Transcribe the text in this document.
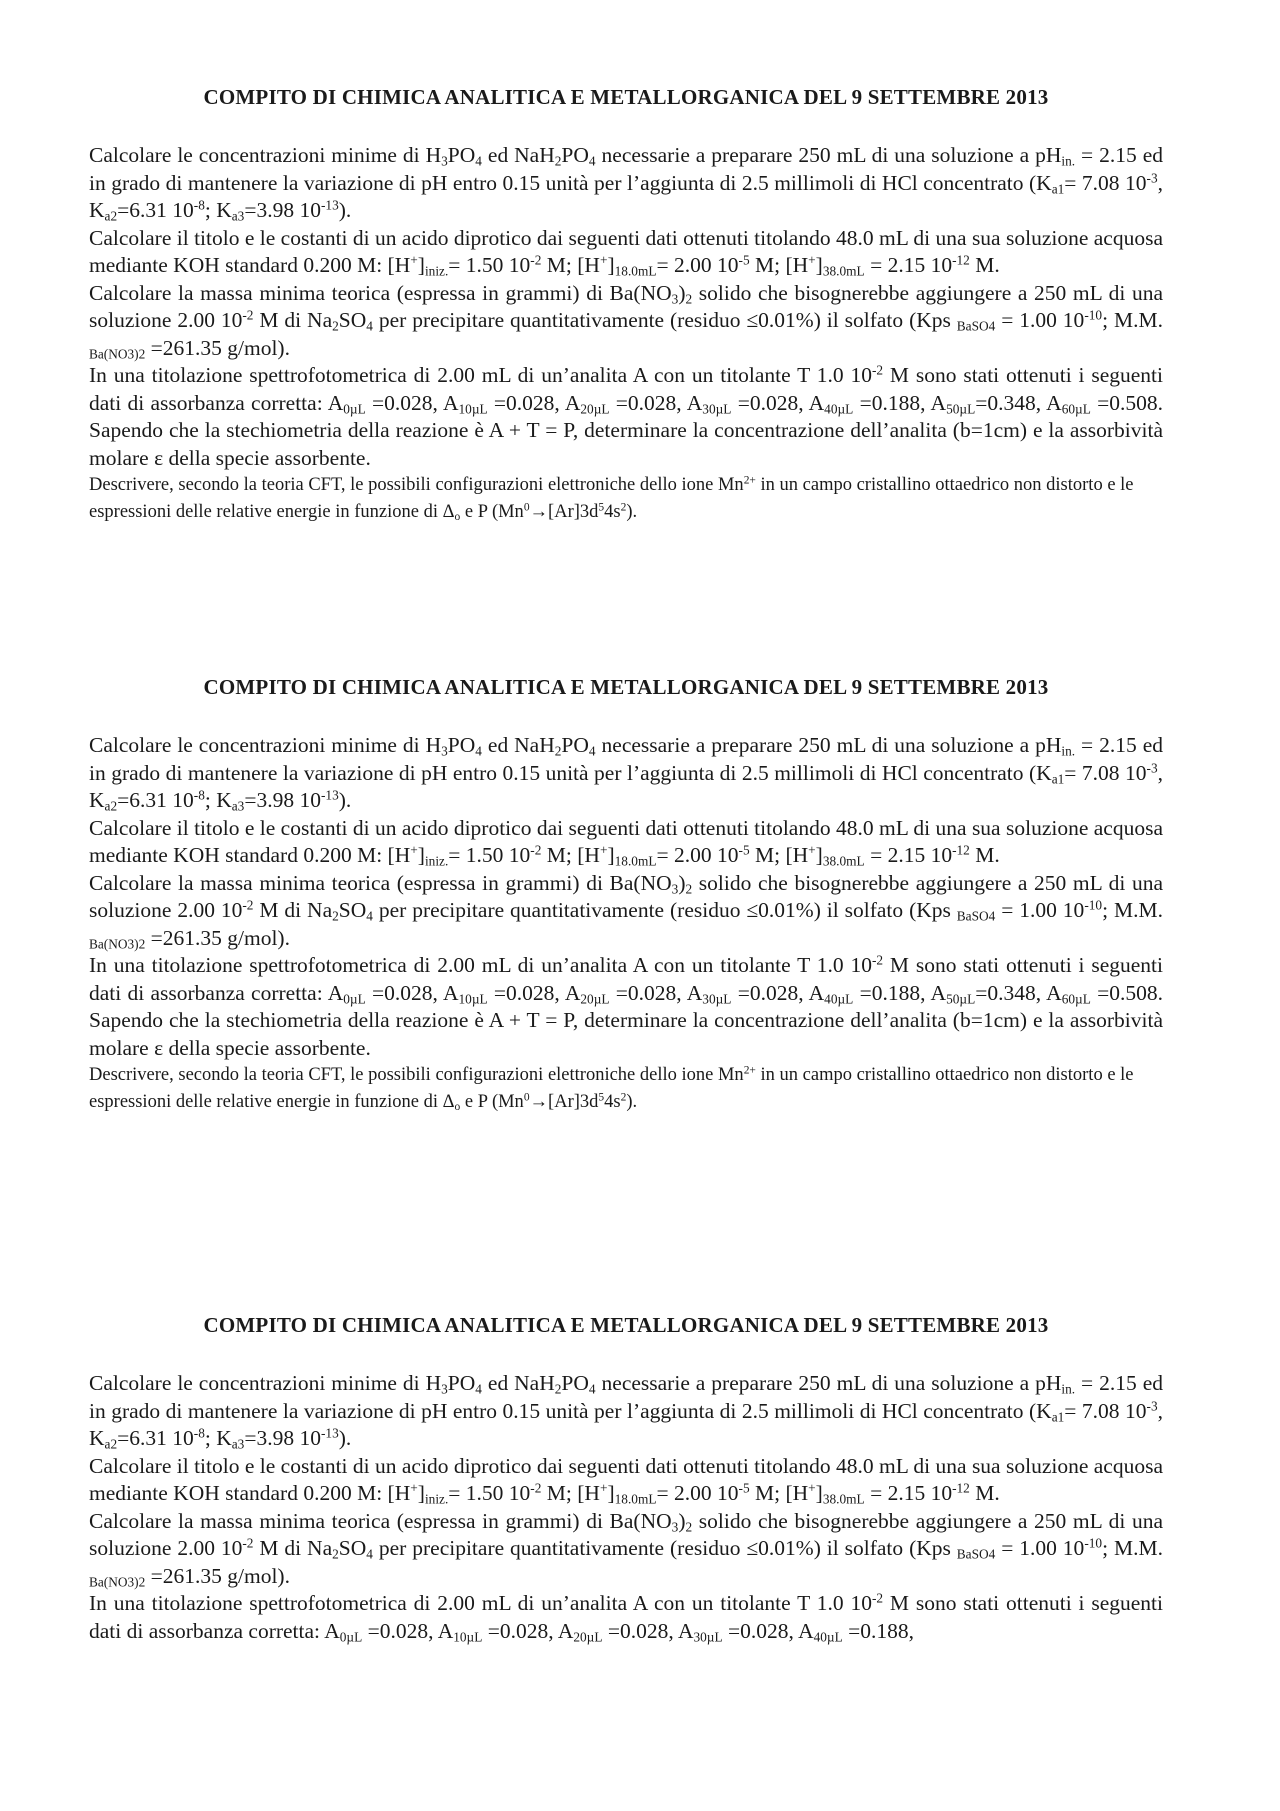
COMPITO DI CHIMICA ANALITICA E METALLORGANICA DEL 9 SETTEMBRE 2013

Calcolare le concentrazioni minime di $H_3PO_4$ ed $NaH_2PO_4$ necessarie a preparare 250 mL di una soluzione a $pH_{in.} = 2.15$ ed in grado di mantenere la variazione di pH entro 0.15 unità per l’aggiunta di 2.5 millimoli di HCl concentrato ($K_{a1}= 7.08$ $10^{-3}$, $K_{a2}=6.31$ $10^{-8}$; $K_{a3}=3.98$ $10^{-13}$).

Calcolare il titolo e le costanti di un acido diprotico dai seguenti dati ottenuti titolando 48.0 mL di una sua soluzione acquosa mediante KOH standard 0.200 M: $[H^+]_{iniz.}= 1.50$ $10^{-2}$ M; $[H^+]_{18.0mL}= 2.00$ $10^{-5}$ M; $[H^+]_{38.0mL} = 2.15$ $10^{-12}$ M.

Calcolare la massa minima teorica (espressa in grammi) di $Ba(NO_3)_2$ solido che bisognerebbe aggiungere a 250 mL di una soluzione 2.00 $10^{-2}$ M di $Na_2SO_4$ per precipitare quantitativamente (residuo ≤0.01%) il solfato (Kps $_{BaSO4}$ = 1.00 $10^{-10}$; M.M. $_{Ba(NO3)2}$ =261.35 g/mol).

In una titolazione spettrofotometrica di 2.00 mL di un’analita A con un titolante T 1.0 $10^{-2}$ M sono stati ottenuti i seguenti dati di assorbanza corretta: $A_{0\mu L} =0.028$, $A_{10\mu L} =0.028$, $A_{20\mu L} =0.028$, $A_{30\mu L} =0.028$, $A_{40\mu L} =0.188$, $A_{50\mu L}=0.348$, $A_{60\mu L} =0.508$. Sapendo che la stechiometria della reazione è A + T = P, determinare la concentrazione dell’analita (b=1cm) e la assorbività molare ε della specie assorbente.

Descrivere, secondo la teoria CFT, le possibili configurazioni elettroniche dello ione $Mn^{2+}$ in un campo cristallino ottaedrico non distorto e le espressioni delle relative energie in funzione di $\Delta_o$ e P $(Mn^0\to[Ar]3d^54s^2)$.

COMPITO DI CHIMICA ANALITICA E METALLORGANICA DEL 9 SETTEMBRE 2013

Calcolare le concentrazioni minime di $H_3PO_4$ ed $NaH_2PO_4$ necessarie a preparare 250 mL di una soluzione a $pH_{in.} = 2.15$ ed in grado di mantenere la variazione di pH entro 0.15 unità per l’aggiunta di 2.5 millimoli di HCl concentrato ($K_{a1}= 7.08$ $10^{-3}$, $K_{a2}=6.31$ $10^{-8}$; $K_{a3}=3.98$ $10^{-13}$).

Calcolare il titolo e le costanti di un acido diprotico dai seguenti dati ottenuti titolando 48.0 mL di una sua soluzione acquosa mediante KOH standard 0.200 M: $[H^+]_{iniz.}= 1.50$ $10^{-2}$ M; $[H^+]_{18.0mL}= 2.00$ $10^{-5}$ M; $[H^+]_{38.0mL} = 2.15$ $10^{-12}$ M.

Calcolare la massa minima teorica (espressa in grammi) di $Ba(NO_3)_2$ solido che bisognerebbe aggiungere a 250 mL di una soluzione 2.00 $10^{-2}$ M di $Na_2SO_4$ per precipitare quantitativamente (residuo ≤0.01%) il solfato (Kps $_{BaSO4}$ = 1.00 $10^{-10}$; M.M. $_{Ba(NO3)2}$ =261.35 g/mol).

In una titolazione spettrofotometrica di 2.00 mL di un’analita A con un titolante T 1.0 $10^{-2}$ M sono stati ottenuti i seguenti dati di assorbanza corretta: $A_{0\mu L} =0.028$, $A_{10\mu L} =0.028$, $A_{20\mu L} =0.028$, $A_{30\mu L} =0.028$, $A_{40\mu L} =0.188$, $A_{50\mu L}=0.348$, $A_{60\mu L} =0.508$. Sapendo che la stechiometria della reazione è A + T = P, determinare la concentrazione dell’analita (b=1cm) e la assorbività molare ε della specie assorbente.

Descrivere, secondo la teoria CFT, le possibili configurazioni elettroniche dello ione $Mn^{2+}$ in un campo cristallino ottaedrico non distorto e le espressioni delle relative energie in funzione di $\Delta_o$ e P $(Mn^0\to[Ar]3d^54s^2)$.

COMPITO DI CHIMICA ANALITICA E METALLORGANICA DEL 9 SETTEMBRE 2013

Calcolare le concentrazioni minime di $H_3PO_4$ ed $NaH_2PO_4$ necessarie a preparare 250 mL di una soluzione a $pH_{in.} = 2.15$ ed in grado di mantenere la variazione di pH entro 0.15 unità per l’aggiunta di 2.5 millimoli di HCl concentrato ($K_{a1}= 7.08$ $10^{-3}$, $K_{a2}=6.31$ $10^{-8}$; $K_{a3}=3.98$ $10^{-13}$).

Calcolare il titolo e le costanti di un acido diprotico dai seguenti dati ottenuti titolando 48.0 mL di una sua soluzione acquosa mediante KOH standard 0.200 M: $[H^+]_{iniz.}= 1.50$ $10^{-2}$ M; $[H^+]_{18.0mL}= 2.00$ $10^{-5}$ M; $[H^+]_{38.0mL} = 2.15$ $10^{-12}$ M.

Calcolare la massa minima teorica (espressa in grammi) di $Ba(NO_3)_2$ solido che bisognerebbe aggiungere a 250 mL di una soluzione 2.00 $10^{-2}$ M di $Na_2SO_4$ per precipitare quantitativamente (residuo ≤0.01%) il solfato (Kps $_{BaSO4}$ = 1.00 $10^{-10}$; M.M. $_{Ba(NO3)2}$ =261.35 g/mol).

In una titolazione spettrofotometrica di 2.00 mL di un’analita A con un titolante T 1.0 $10^{-2}$ M sono stati ottenuti i seguenti dati di assorbanza corretta: $A_{0\mu L} =0.028$, $A_{10\mu L} =0.028$, $A_{20\mu L} =0.028$, $A_{30\mu L} =0.028$, $A_{40\mu L} =0.188$,
